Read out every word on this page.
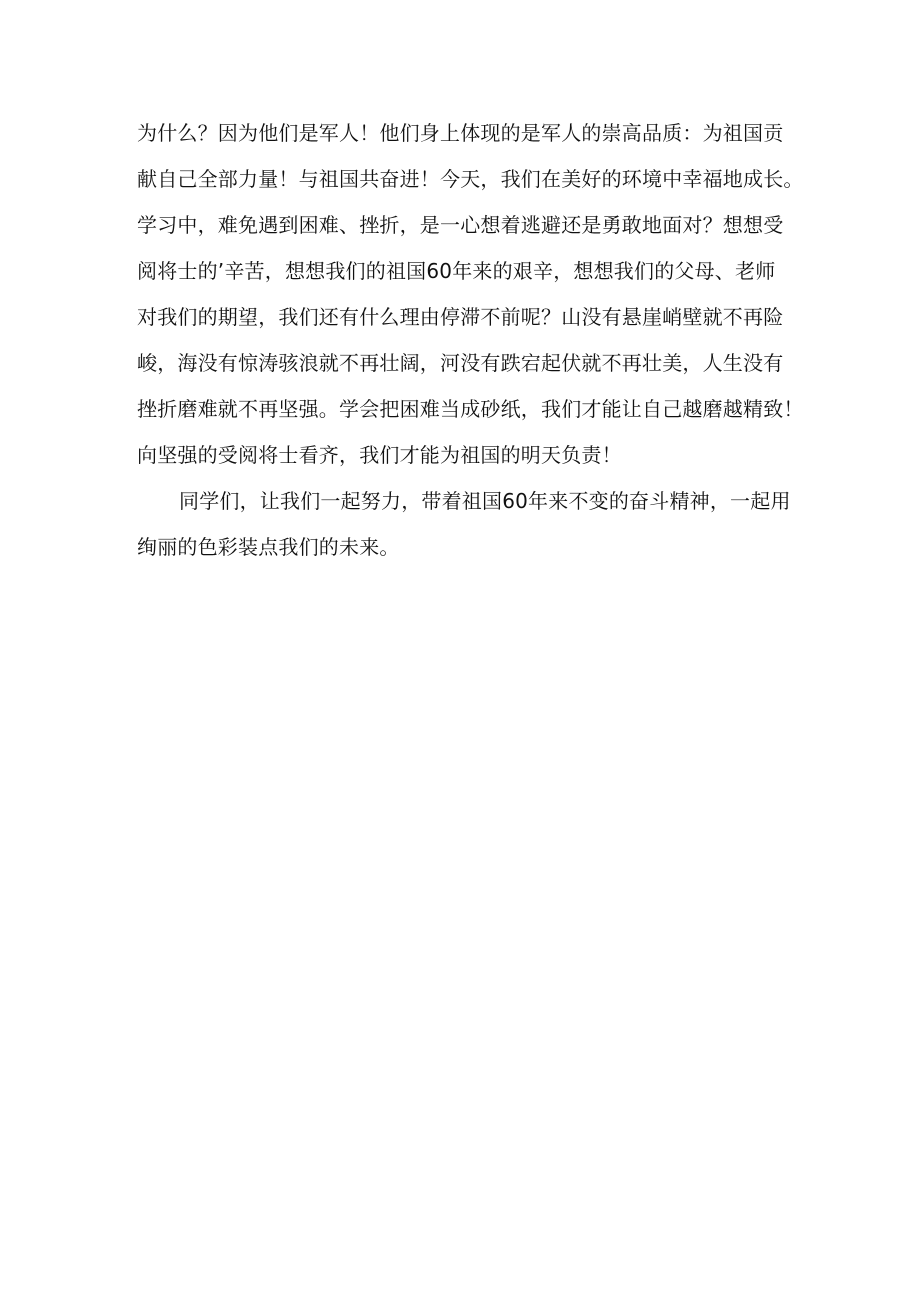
为什么？因为他们是军人！他们身上体现的是军人的崇高品质：为祖国贡
献自己全部力量！与祖国共奋进！今天，我们在美好的环境中幸福地成长。
学习中，难免遇到困难、挫折，是一心想着逃避还是勇敢地面对？想想受
阅将士的’辛苦，想想我们的祖国60年来的艰辛，想想我们的父母、老师
对我们的期望，我们还有什么理由停滞不前呢？山没有悬崖峭壁就不再险
峻，海没有惊涛骇浪就不再壮阔，河没有跌宕起伏就不再壮美，人生没有
挫折磨难就不再坚强。学会把困难当成砂纸，我们才能让自己越磨越精致！
向坚强的受阅将士看齐，我们才能为祖国的明天负责！
同学们，让我们一起努力，带着祖国60年来不变的奋斗精神，一起用
绚丽的色彩装点我们的未来。
